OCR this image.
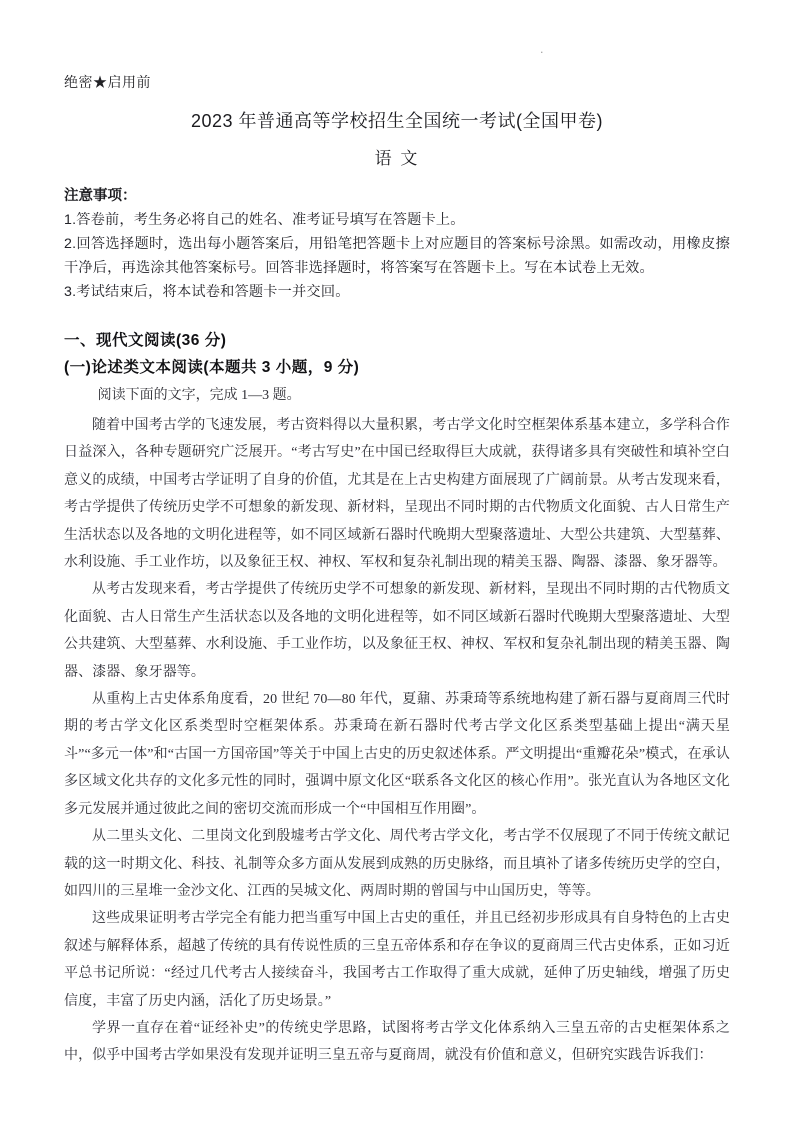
·
绝密★启用前
2023 年普通高等学校招生全国统一考试(全国甲卷)
语 文
注意事项：
1.答卷前，考生务必将自己的姓名、准考证号填写在答题卡上。
2.回答选择题时，选出每小题答案后，用铅笔把答题卡上对应题目的答案标号涂黑。如需改动，用橡皮擦干净后，再选涂其他答案标号。回答非选择题时，将答案写在答题卡上。写在本试卷上无效。
3.考试结束后，将本试卷和答题卡一并交回。
一、现代文阅读(36 分)
(一)论述类文本阅读(本题共 3 小题，9 分)
阅读下面的文字，完成 1—3 题。

随着中国考古学的飞速发展，考古资料得以大量积累，考古学文化时空框架体系基本建立，多学科合作日益深入，各种专题研究广泛展开。“考古写史”在中国已经取得巨大成就，获得诸多具有突破性和填补空白意义的成绩，中国考古学证明了自身的价值，尤其是在上古史构建方面展现了广阔前景。从考古发现来看，考古学提供了传统历史学不可想象的新发现、新材料，呈现出不同时期的古代物质文化面貌、古人日常生产生活状态以及各地的文明化进程等，如不同区域新石器时代晚期大型聚落遗址、大型公共建筑、大型墓葬、水利设施、手工业作坊，以及象征王权、神权、军权和复杂礼制出现的精美玉器、陶器、漆器、象牙器等。

从考古发现来看，考古学提供了传统历史学不可想象的新发现、新材料，呈现出不同时期的古代物质文化面貌、古人日常生产生活状态以及各地的文明化进程等，如不同区域新石器时代晚期大型聚落遗址、大型公共建筑、大型墓葬、水利设施、手工业作坊，以及象征王权、神权、军权和复杂礼制出现的精美玉器、陶器、漆器、象牙器等。

从重构上古史体系角度看，20 世纪 70—80 年代，夏鼐、苏秉琦等系统地构建了新石器与夏商周三代时期的考古学文化区系类型时空框架体系。苏秉琦在新石器时代考古学文化区系类型基础上提出“满天星斗”“多元一体”和“古国一方国帝国”等关于中国上古史的历史叙述体系。严文明提出“重瓣花朵”模式，在承认多区域文化共存的文化多元性的同时，强调中原文化区“联系各文化区的核心作用”。张光直认为各地区文化多元发展并通过彼此之间的密切交流而形成一个“中国相互作用圈”。

从二里头文化、二里岗文化到殷墟考古学文化、周代考古学文化，考古学不仅展现了不同于传统文献记载的这一时期文化、科技、礼制等众多方面从发展到成熟的历史脉络，而且填补了诸多传统历史学的空白，如四川的三星堆一金沙文化、江西的吴城文化、两周时期的曾国与中山国历史，等等。

这些成果证明考古学完全有能力把当重写中国上古史的重任，并且已经初步形成具有自身特色的上古史叙述与解释体系，超越了传统的具有传说性质的三皇五帝体系和存在争议的夏商周三代古史体系，正如习近平总书记所说：“经过几代考古人接续奋斗，我国考古工作取得了重大成就，延伸了历史轴线，增强了历史信度，丰富了历史内涵，活化了历史场景。”

学界一直存在着“证经补史”的传统史学思路，试图将考古学文化体系纳入三皇五帝的古史框架体系之中，似乎中国考古学如果没有发现并证明三皇五帝与夏商周，就没有价值和意义，但研究实践告诉我们：
